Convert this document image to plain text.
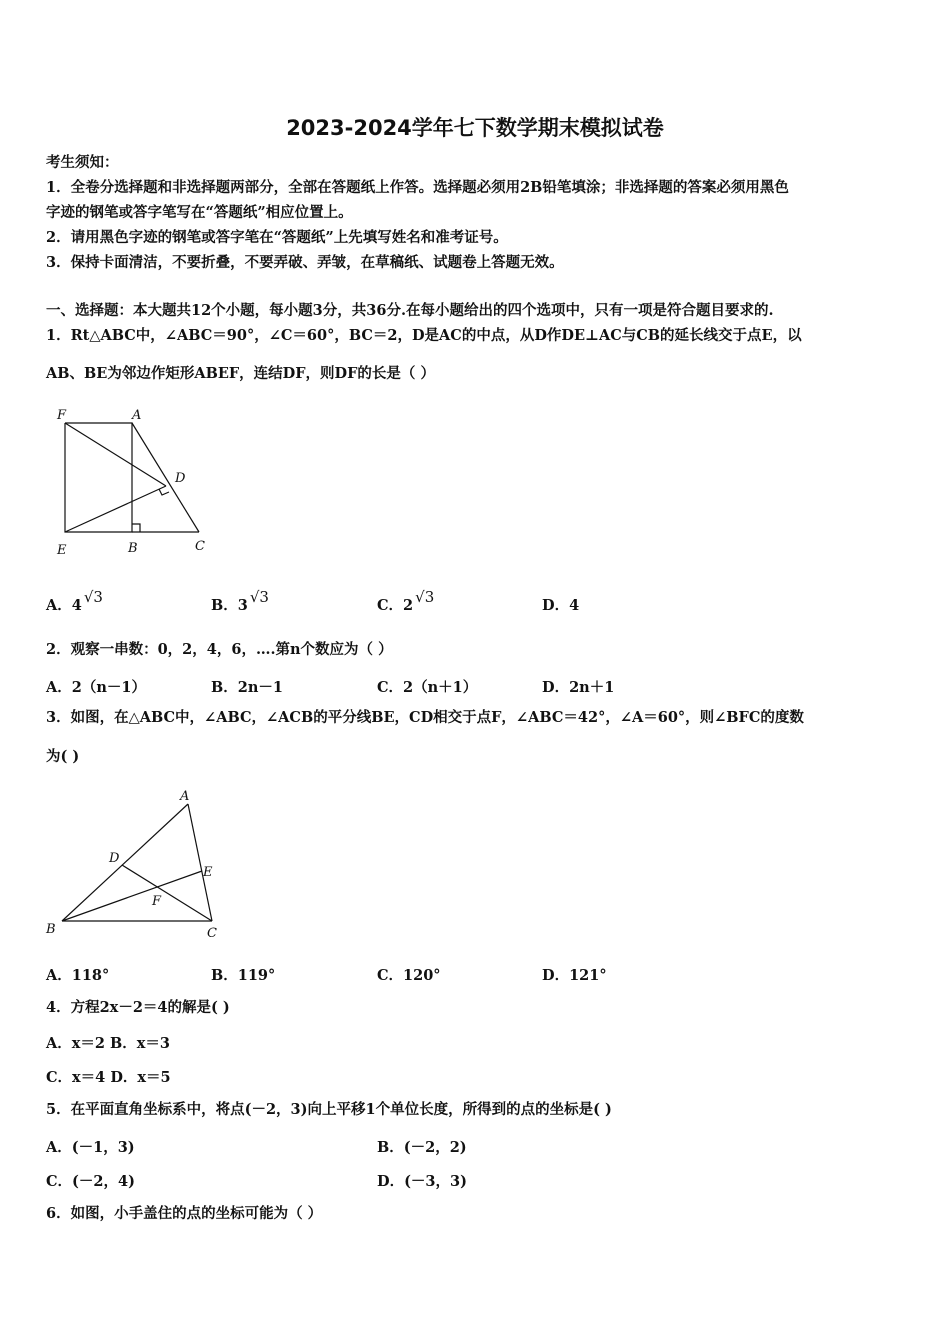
2023-2024学年七下数学期末模拟试卷
考生须知：
1．全卷分选择题和非选择题两部分，全部在答题纸上作答。选择题必须用2B铅笔填涂；非选择题的答案必须用黑色
字迹的钢笔或答字笔写在“答题纸”相应位置上。
2．请用黑色字迹的钢笔或答字笔在“答题纸”上先填写姓名和准考证号。
3．保持卡面清洁，不要折叠，不要弄破、弄皱，在草稿纸、试题卷上答题无效。
一、选择题：本大题共12个小题，每小题3分，共36分.在每小题给出的四个选项中，只有一项是符合题目要求的.
1．Rt△ABC中，∠ABC＝90°，∠C＝60°，BC＝2，D是AC的中点，从D作DE⊥AC与CB的延长线交于点E，以
AB、BE为邻边作矩形ABEF，连结DF，则DF的长是（ ）
F	A
D
E	B	C
A．4 √3	B．3 √3	C．2 √3	D．4
2．观察一串数：0，2，4，6，….第n个数应为（ ）
A．2（n－1）	B．2n－1	C．2（n＋1）	D．2n＋1
3．如图，在△ABC中，∠ABC，∠ACB的平分线BE，CD相交于点F，∠ABC＝42°，∠A＝60°，则∠BFC的度数
为( )
A
D
E
F
B	C
A．118°	B．119°	C．120°	D．121°
4．方程2x－2＝4的解是( )
A．x＝2 B．x＝3
C．x＝4 D．x＝5
5．在平面直角坐标系中，将点(－2，3)向上平移1个单位长度，所得到的点的坐标是( )
A．(－1，3)	B．(－2，2)
C．(－2，4)	D．(－3，3)
6．如图，小手盖住的点的坐标可能为（ ）
